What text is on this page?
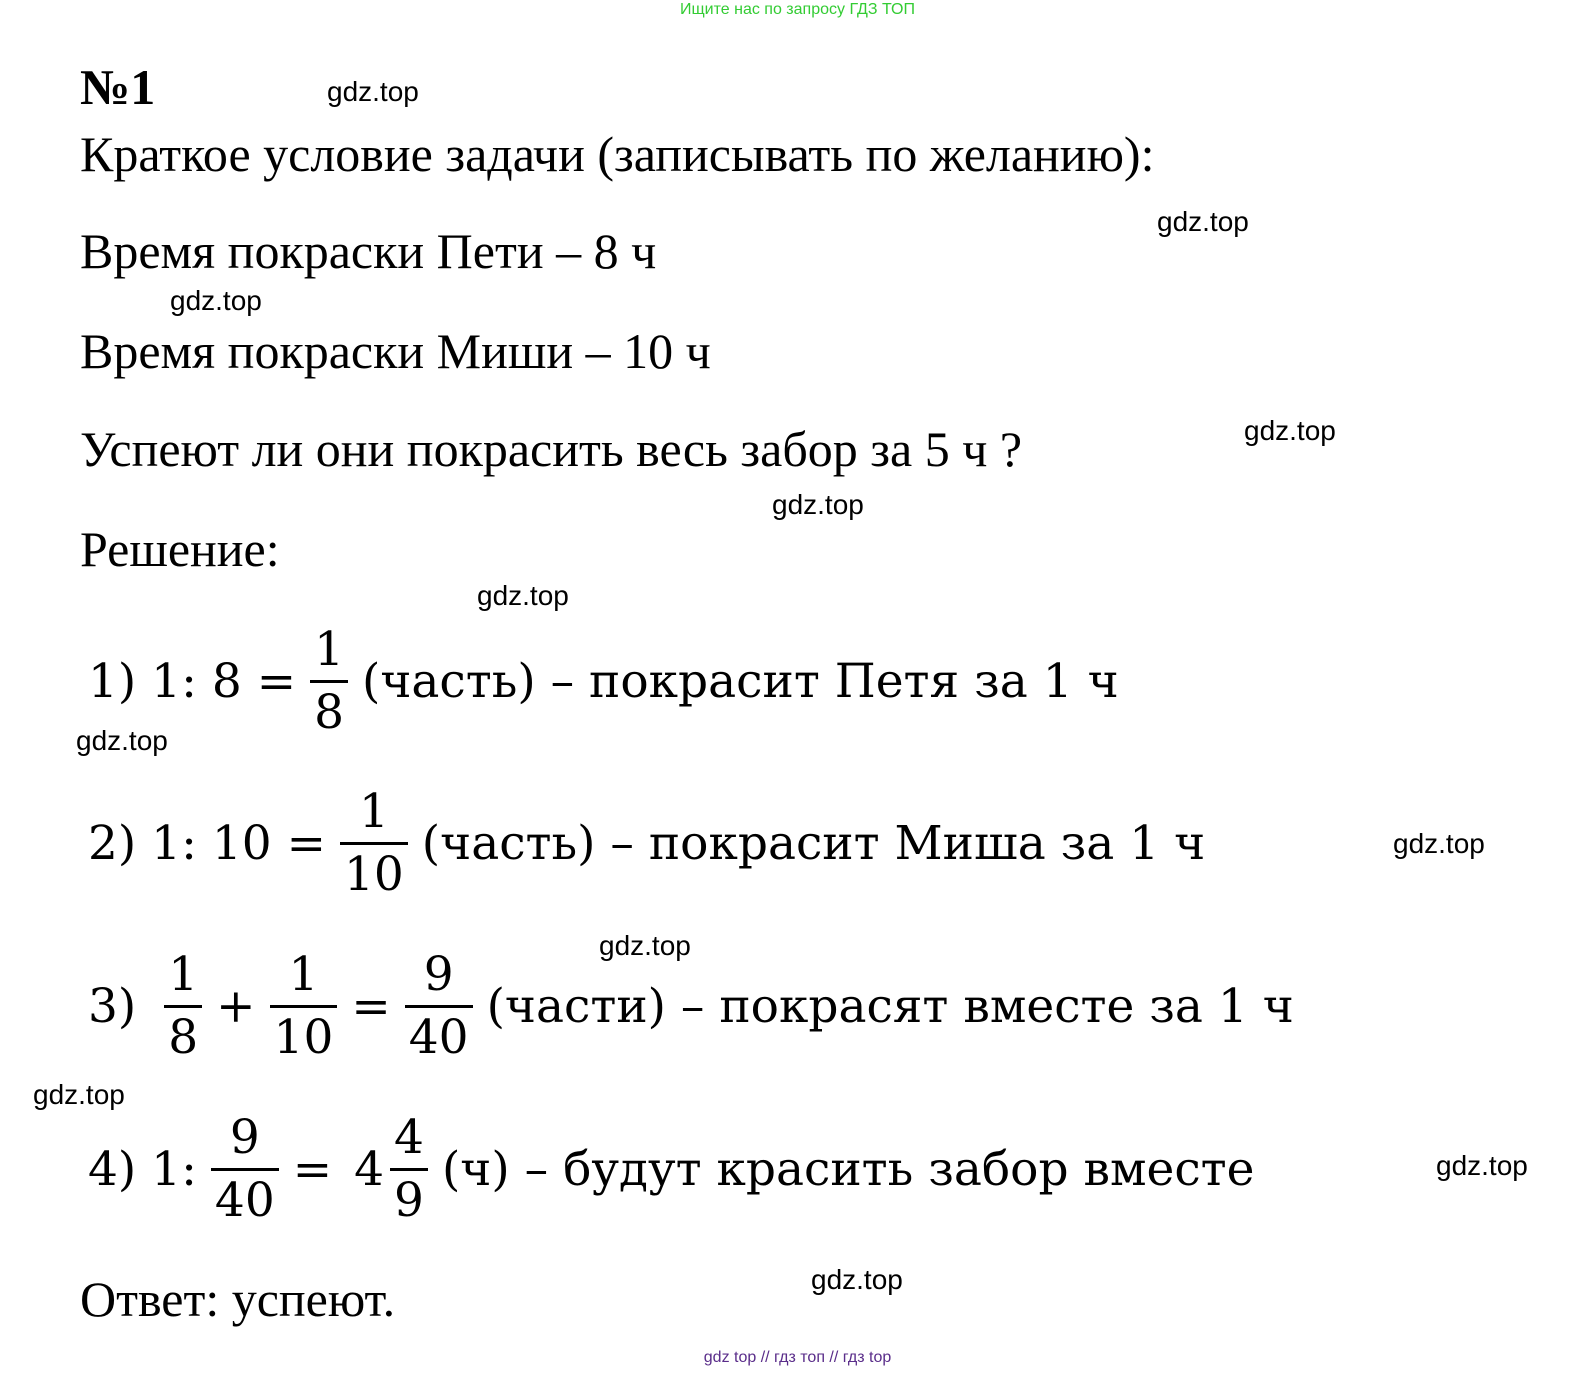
Ищите нас по запросу ГДЗ ТОП
№1
Краткое условие задачи (записывать по желанию):
Время покраски Пети – 8 ч
Время покраски Миши – 10 ч
Успеют ли они покрасить весь забор за 5 ч ?
Решение:
1) 1: $8 = \frac{1}{8}$ (часть) – покрасит Петя за 1 ч
2) 1: $10 = \frac{1}{10}$ (часть) – покрасит Миша за 1 ч
$3) \frac{1}{8} + \frac{1}{10} = \frac{9}{40}$ (части) – покрасят вместе за 1 ч
4) 1: $\frac{9}{40} = 4 \frac{4}{9} (ч)$ – будут красить забор вместе
Ответ: успеют.
gdz.top
gdz.top
gdz.top
gdz.top
gdz.top
gdz.top
gdz.top
gdz.top
gdz.top
gdz.top
gdz.top
gdz.top
gdz top // гдз топ // гдз top
